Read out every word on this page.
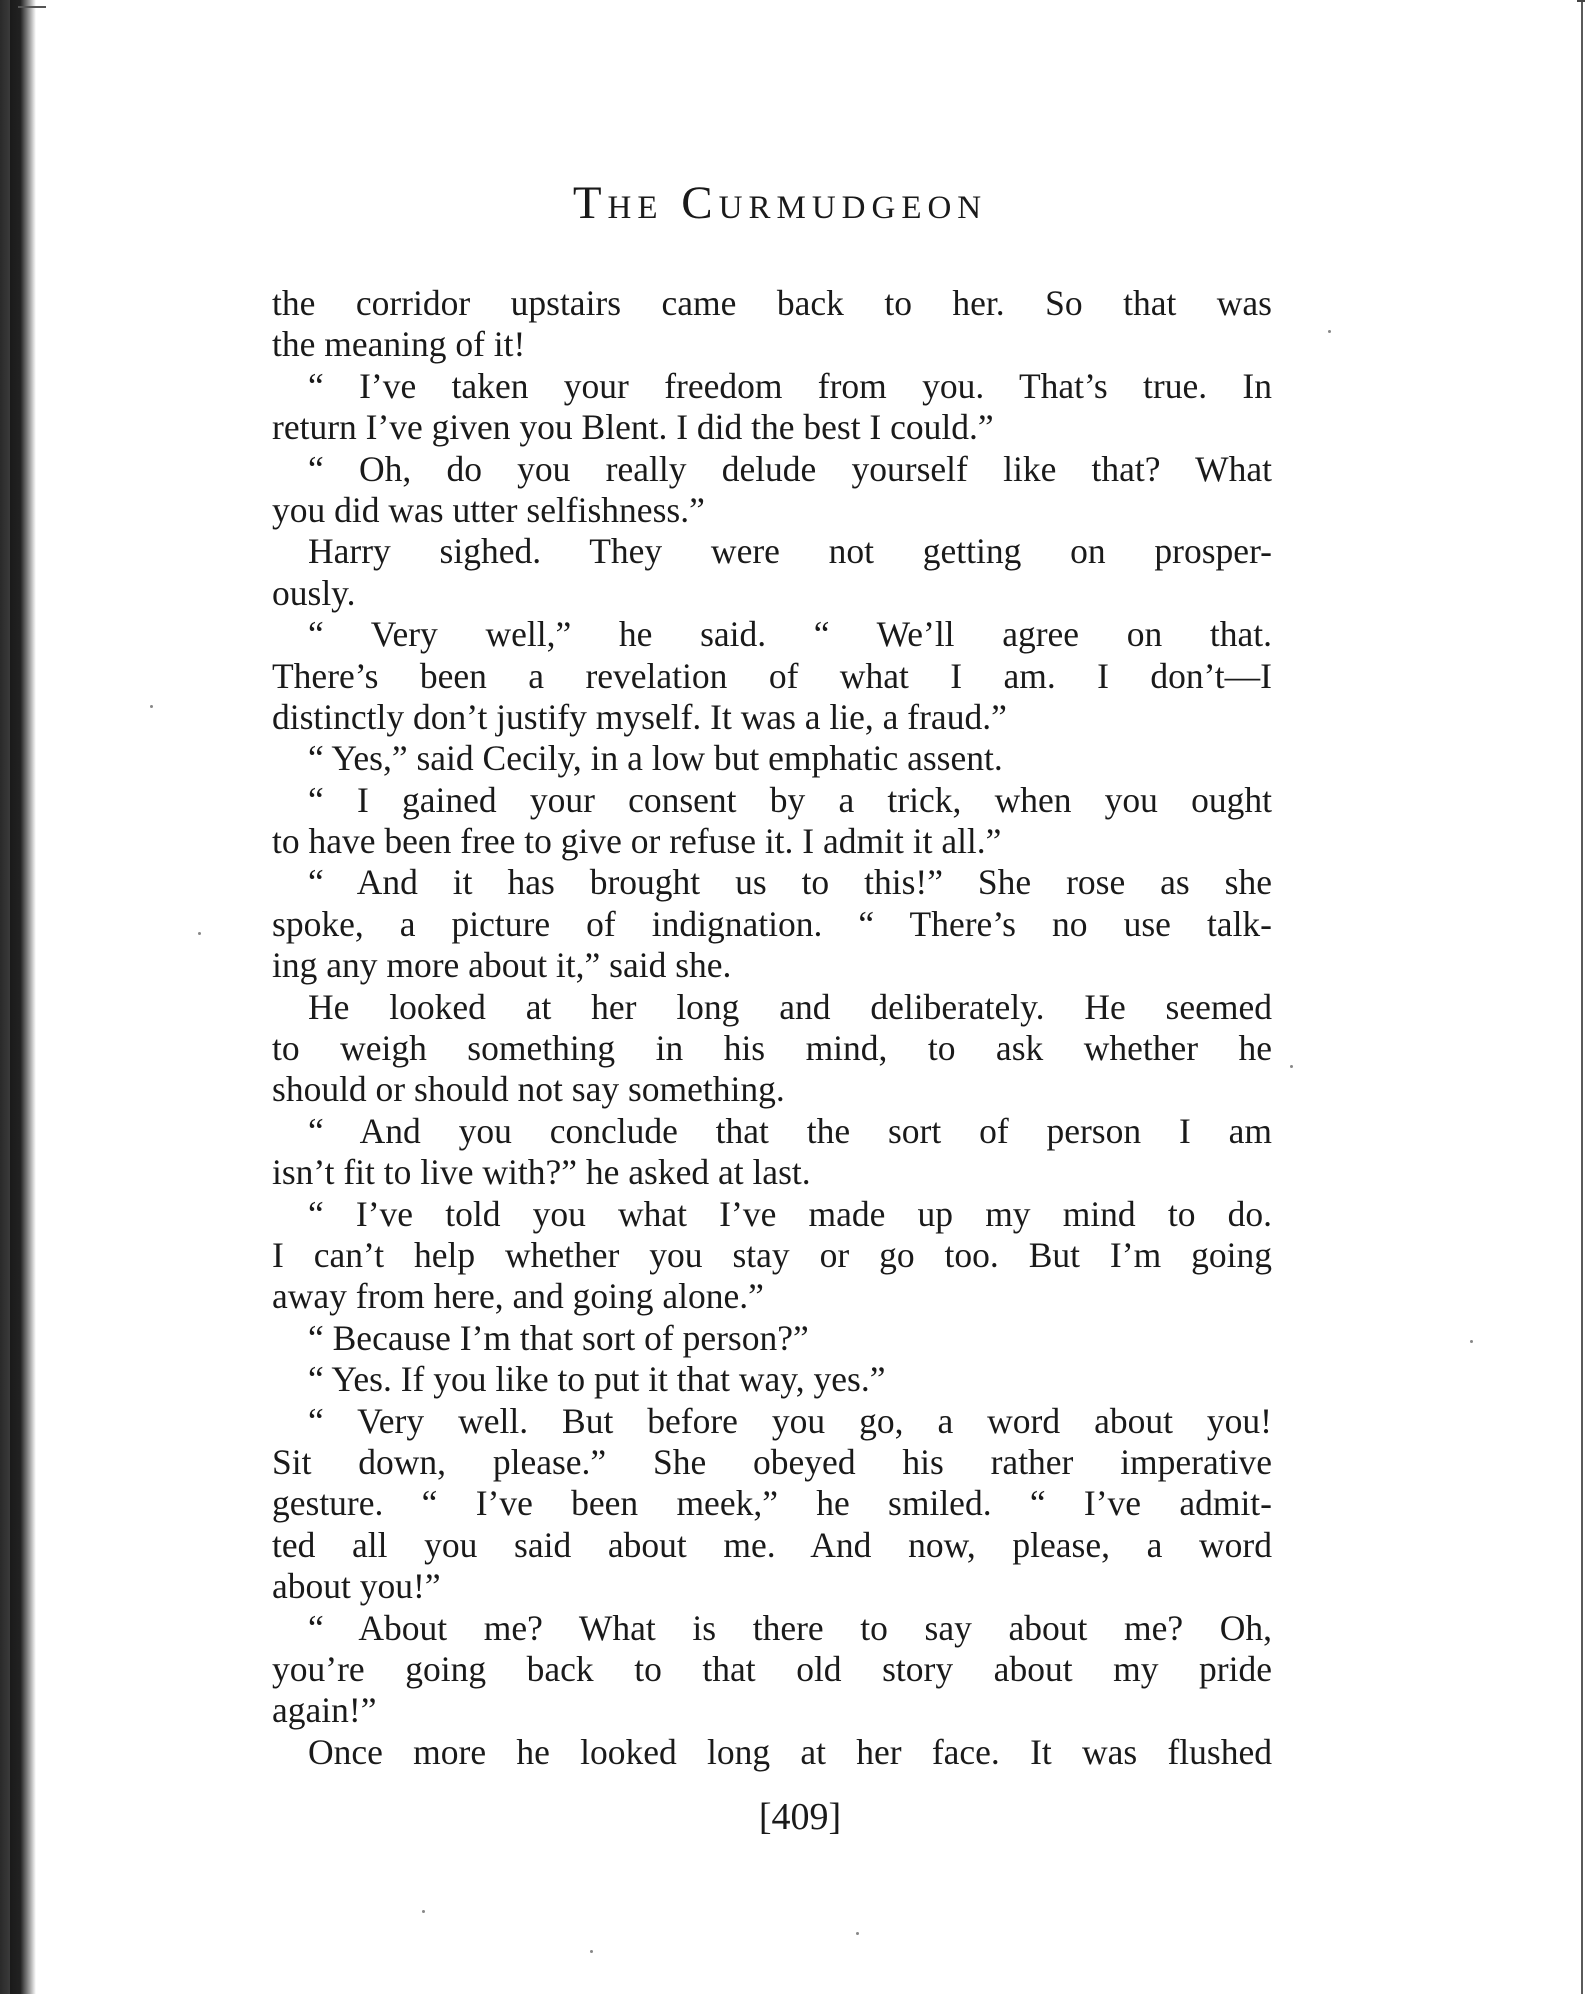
The Curmudgeon
the corridor upstairs came back to her. So that was
the meaning of it!
“ I’ve taken your freedom from you. That’s true. In
return I’ve given you Blent. I did the best I could.”
“ Oh, do you really delude yourself like that? What
you did was utter selfishness.”
Harry sighed. They were not getting on prosper-
ously.
“ Very well,” he said. “ We’ll agree on that.
There’s been a revelation of what I am. I don’t—I
distinctly don’t justify myself. It was a lie, a fraud.”
“ Yes,” said Cecily, in a low but emphatic assent.
“ I gained your consent by a trick, when you ought
to have been free to give or refuse it. I admit it all.”
“ And it has brought us to this!” She rose as she
spoke, a picture of indignation. “ There’s no use talk-
ing any more about it,” said she.
He looked at her long and deliberately. He seemed
to weigh something in his mind, to ask whether he
should or should not say something.
“ And you conclude that the sort of person I am
isn’t fit to live with?” he asked at last.
“ I’ve told you what I’ve made up my mind to do.
I can’t help whether you stay or go too. But I’m going
away from here, and going alone.”
“ Because I’m that sort of person?”
“ Yes. If you like to put it that way, yes.”
“ Very well. But before you go, a word about you!
Sit down, please.” She obeyed his rather imperative
gesture. “ I’ve been meek,” he smiled. “ I’ve admit-
ted all you said about me. And now, please, a word
about you!”
“ About me? What is there to say about me? Oh,
you’re going back to that old story about my pride
again!”
Once more he looked long at her face. It was flushed
[409]
